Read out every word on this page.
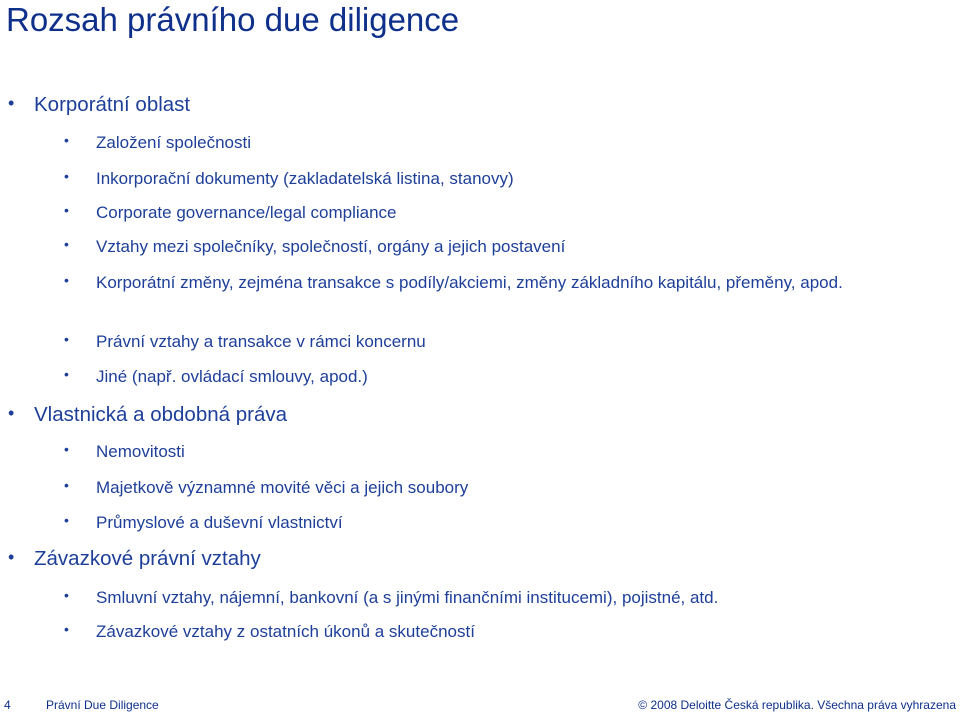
Rozsah právního due diligence
• Korporátní oblast
• Založení společnosti
• Inkorporační dokumenty (zakladatelská listina, stanovy)
• Corporate governance/legal compliance
• Vztahy mezi společníky, společností, orgány a jejich postavení
• Korporátní změny, zejména transakce s podíly/akciemi, změny základního kapitálu, přeměny, apod.
• Právní vztahy a transakce v rámci koncernu
• Jiné (např. ovládací smlouvy, apod.)
• Vlastnická a obdobná práva
• Nemovitosti
• Majetkově významné movité věci a jejich soubory
• Průmyslové a duševní vlastnictví
• Závazkové právní vztahy
• Smluvní vztahy, nájemní, bankovní (a s jinými finančními institucemi), pojistné, atd.
• Závazkové vztahy z ostatních úkonů a skutečností
4	Právní Due Diligence	© 2008 Deloitte Česká republika. Všechna práva vyhrazena
